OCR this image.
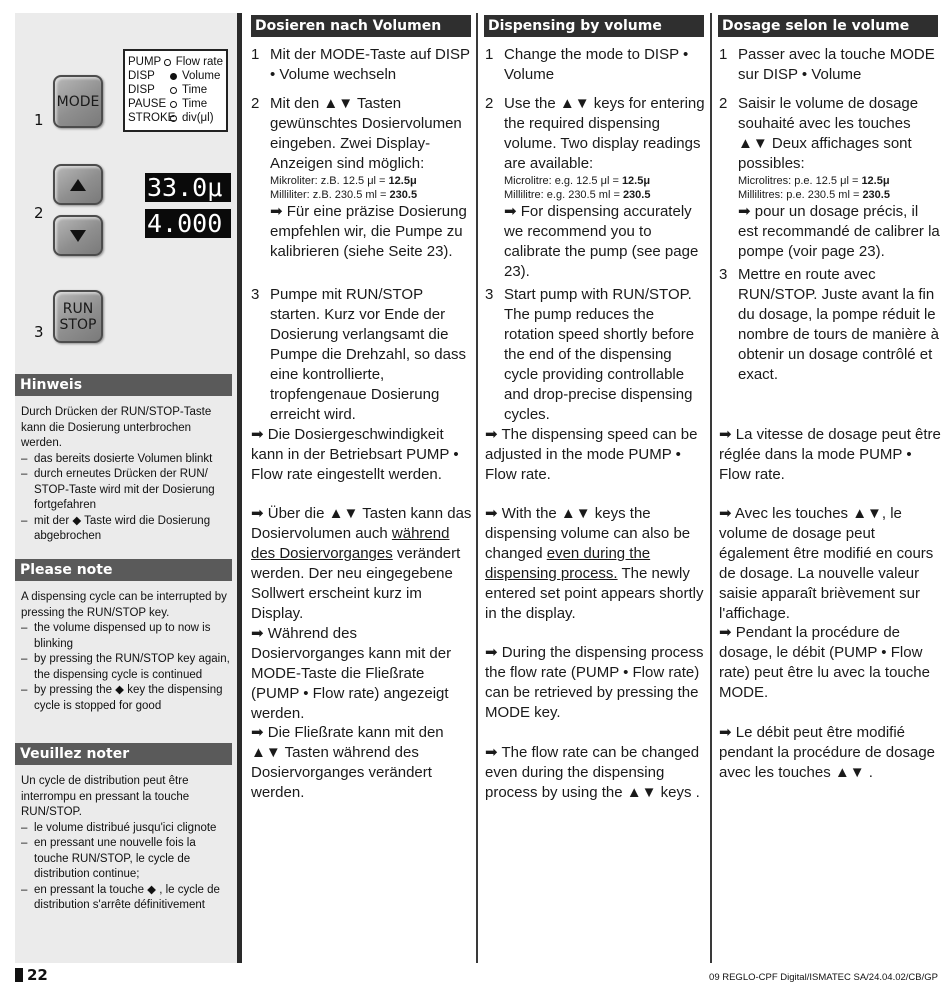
MODE
1
PUMP Flow rate
DISP	Volume
DISP	Time
PAUSE	Time
STROKE div(μl)
2
33.0μ
4.000
RUN
STOP
3
Hinweis

Durch Drücken der RUN/STOP-Taste kann die Dosierung unterbrochen werden.

– das bereits dosierte Volumen blinkt
– durch erneutes Drücken der RUN/ STOP-Taste wird mit der Dosierung fortgefahren
– mit der ◆ Taste wird die Dosierung abgebrochen
Please note

A dispensing cycle can be interrupted by pressing the RUN/STOP key.

– the volume dispensed up to now is blinking
– by pressing the RUN/STOP key again, the dispensing cycle is continued
– by pressing the ◆ key the dispensing cycle is stopped for good
Veuillez noter

Un cycle de distribution peut être interrompu en pressant la touche RUN/STOP.

– le volume distribué jusqu'ici clignote
– en pressant une nouvelle fois la touche RUN/STOP, le cycle de distribution continue;
– en pressant la touche ◆ , le cycle de distribution s'arrête définitivement
Dosieren nach Volumen	Dispensing by volume	Dosage selon le volume
1 Mit der MODE-Taste auf DISP • Volume wechseln
2 Mit den ▲▼ Tasten gewünschtes Dosiervolumen eingeben. Zwei Display-Anzeigen sind möglich:
Mikroliter: z.B. 12.5 μl = 12.5μ
Milliliter: z.B. 230.5 ml = 230.5
➡ Für eine präzise Dosierung empfehlen wir, die Pumpe zu kalibrieren (siehe Seite 23).
3 Pumpe mit RUN/STOP starten. Kurz vor Ende der Dosierung verlangsamt die Pumpe die Drehzahl, so dass eine kontrollierte, tropfengenaue Dosierung erreicht wird.
➡ Die Dosiergeschwindigkeit kann in der Betriebsart PUMP • Flow rate eingestellt werden.
➡ Über die ▲▼ Tasten kann das Dosiervolumen auch während des Dosiervorganges verändert werden. Der neu eingegebene Sollwert erscheint kurz im Display.
➡ Während des Dosiervorganges kann mit der MODE-Taste die Fließrate (PUMP • Flow rate) angezeigt werden.
➡ Die Fließrate kann mit den ▲▼ Tasten während des Dosiervorganges verändert werden.
1 Change the mode to DISP • Volume
2 Use the ▲▼ keys for entering the required dispensing volume. Two display readings are available:
Microlitre: e.g. 12.5 μl = 12.5μ
Millilitre: e.g. 230.5 ml = 230.5
➡ For dispensing accurately we recommend you to calibrate the pump (see page 23).
3 Start pump with RUN/STOP. The pump reduces the rotation speed shortly before the end of the dispensing cycle providing controllable and drop-precise dispensing cycles.
➡ The dispensing speed can be adjusted in the mode PUMP • Flow rate.
➡ With the ▲▼ keys the dispensing volume can also be changed even during the dispensing process. The newly entered set point appears shortly in the display.
➡ During the dispensing process the flow rate (PUMP • Flow rate) can be retrieved by pressing the MODE key.
➡ The flow rate can be changed even during the dispensing process by using the ▲▼ keys .
1 Passer avec la touche MODE sur DISP • Volume
2 Saisir le volume de dosage souhaité avec les touches ▲▼ Deux affichages sont possibles:
Microlitres: p.e. 12.5 μl = 12.5μ
Millilitres: p.e. 230.5 ml = 230.5
➡ pour un dosage précis, il est recommandé de calibrer la pompe (voir page 23).
3 Mettre en route avec RUN/STOP. Juste avant la fin du dosage, la pompe réduit le nombre de tours de manière à obtenir un dosage contrôlé et exact.
➡ La vitesse de dosage peut être réglée dans la mode PUMP • Flow rate.
➡ Avec les touches ▲▼, le volume de dosage peut également être modifié en cours de dosage. La nouvelle valeur saisie apparaît brièvement sur l'affichage.
➡ Pendant la procédure de dosage, le débit (PUMP • Flow rate) peut être lu avec la touche MODE.
➡ Le débit peut être modifié pendant la procédure de dosage avec les touches ▲▼ .
22	09 REGLO-CPF Digital/ISMATEC SA/24.04.02/CB/GP
